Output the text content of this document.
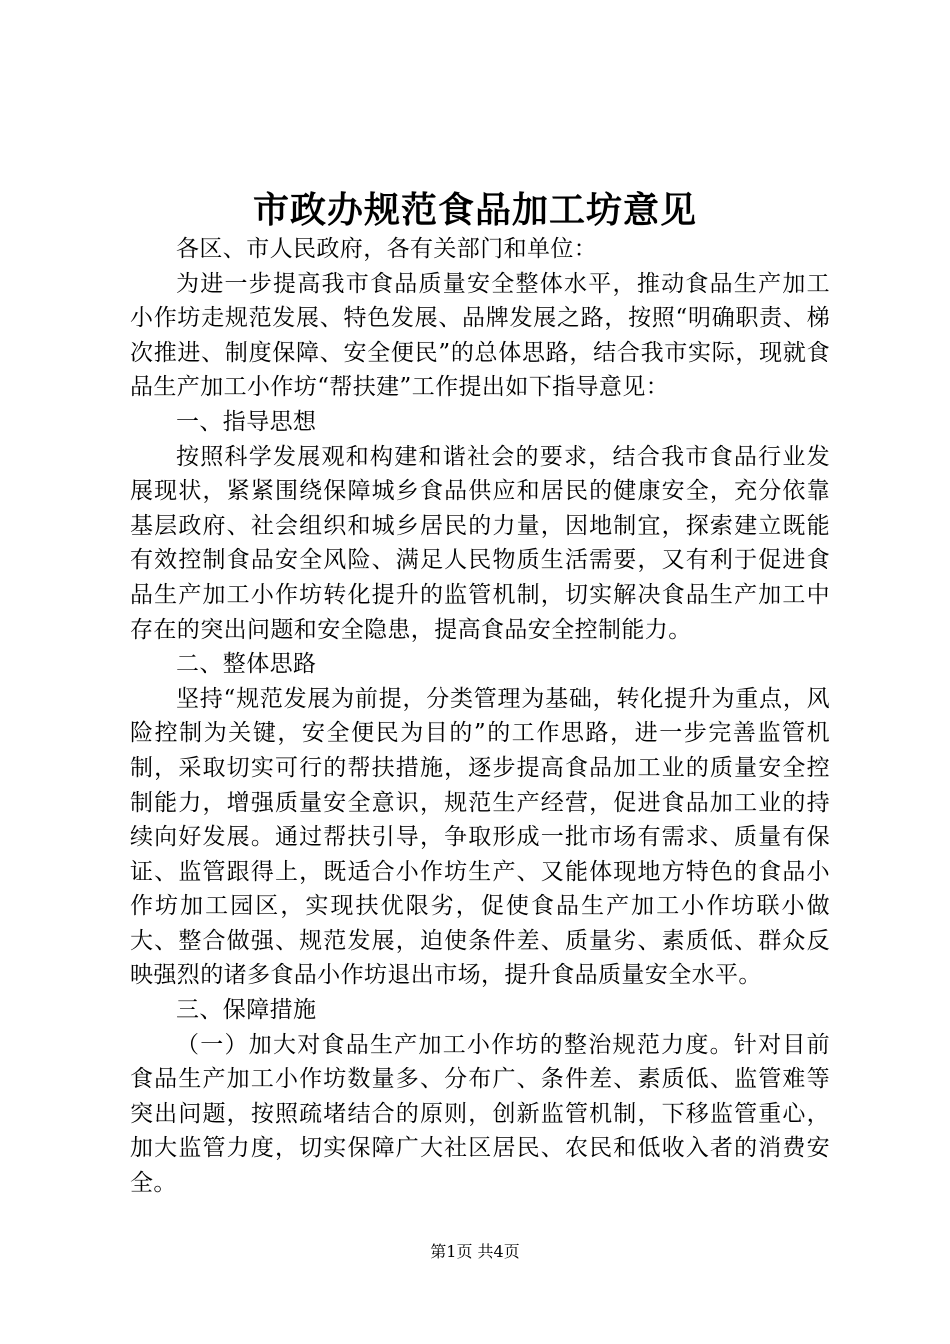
市政办规范食品加工坊意见

各区、市人民政府，各有关部门和单位：

为进一步提高我市食品质量安全整体水平，推动食品生产加工小作坊走规范发展、特色发展、品牌发展之路，按照“明确职责、梯次推进、制度保障、安全便民”的总体思路，结合我市实际，现就食品生产加工小作坊“帮扶建”工作提出如下指导意见：

一、指导思想

按照科学发展观和构建和谐社会的要求，结合我市食品行业发展现状，紧紧围绕保障城乡食品供应和居民的健康安全，充分依靠基层政府、社会组织和城乡居民的力量，因地制宜，探索建立既能有效控制食品安全风险、满足人民物质生活需要，又有利于促进食品生产加工小作坊转化提升的监管机制，切实解决食品生产加工中存在的突出问题和安全隐患，提高食品安全控制能力。

二、整体思路

坚持“规范发展为前提，分类管理为基础，转化提升为重点，风险控制为关键，安全便民为目的”的工作思路，进一步完善监管机制，采取切实可行的帮扶措施，逐步提高食品加工业的质量安全控制能力，增强质量安全意识，规范生产经营，促进食品加工业的持续向好发展。通过帮扶引导，争取形成一批市场有需求、质量有保证、监管跟得上，既适合小作坊生产、又能体现地方特色的食品小作坊加工园区，实现扶优限劣，促使食品生产加工小作坊联小做大、整合做强、规范发展，迫使条件差、质量劣、素质低、群众反映强烈的诸多食品小作坊退出市场，提升食品质量安全水平。

三、保障措施

（一）加大对食品生产加工小作坊的整治规范力度。针对目前食品生产加工小作坊数量多、分布广、条件差、素质低、监管难等突出问题，按照疏堵结合的原则，创新监管机制，下移监管重心，加大监管力度，切实保障广大社区居民、农民和低收入者的消费安全。

第1页 共4页
